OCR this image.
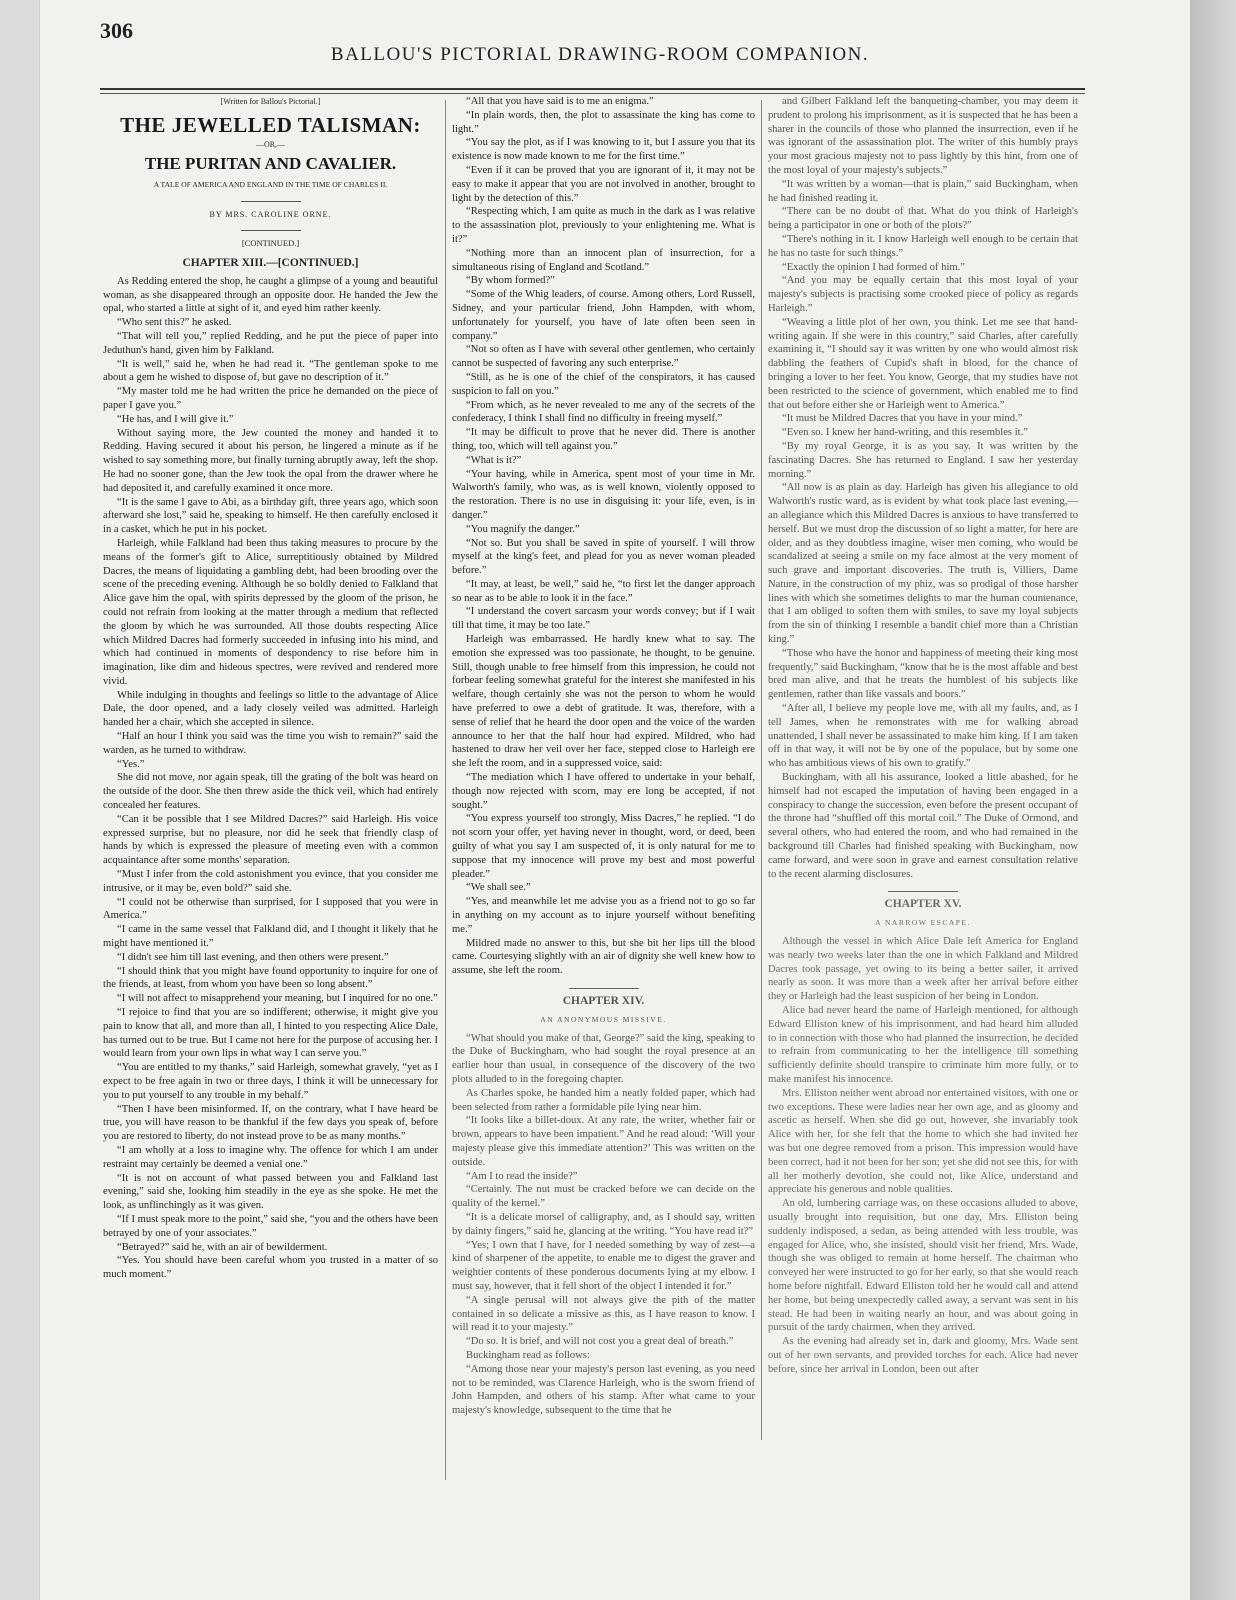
306
BALLOU'S PICTORIAL DRAWING-ROOM COMPANION.
[Written for Ballou's Pictorial.]
THE JEWELLED TALISMAN:
—OR,—
THE PURITAN AND CAVALIER.
A TALE OF AMERICA AND ENGLAND IN THE TIME OF CHARLES II.
BY MRS. CAROLINE ORNE.
[CONTINUED.]
CHAPTER XIII.—[CONTINUED.]

As Redding entered the shop, he caught a glimpse of a young and beautiful woman, as she disappeared through an opposite door. He handed the Jew the opal, who started a little at sight of it, and eyed him rather keenly.

“Who sent this?” he asked.

“That will tell you,” replied Redding, and he put the piece of paper into Jeduthun's hand, given him by Falkland.

“It is well,” said he, when he had read it. “The gentleman spoke to me about a gem he wished to dispose of, but gave no description of it.”

“My master told me he had written the price he demanded on the piece of paper I gave you.”

“He has, and I will give it.”

Without saying more, the Jew counted the money and handed it to Redding. Having secured it about his person, he lingered a minute as if he wished to say something more, but finally turning abruptly away, left the shop. He had no sooner gone, than the Jew took the opal from the drawer where he had deposited it, and carefully examined it once more.

“It is the same I gave to Abi, as a birthday gift, three years ago, which soon afterward she lost,” said he, speaking to himself. He then carefully enclosed it in a casket, which he put in his pocket.

Harleigh, while Falkland had been thus taking measures to procure by the means of the former's gift to Alice, surreptitiously obtained by Mildred Dacres, the means of liquidating a gambling debt, had been brooding over the scene of the preceding evening. Although he so boldly denied to Falkland that Alice gave him the opal, with spirits depressed by the gloom of the prison, he could not refrain from looking at the matter through a medium that reflected the gloom by which he was surrounded. All those doubts respecting Alice which Mildred Dacres had formerly succeeded in infusing into his mind, and which had continued in moments of despondency to rise before him in imagination, like dim and hideous spectres, were revived and rendered more vivid.

While indulging in thoughts and feelings so little to the advantage of Alice Dale, the door opened, and a lady closely veiled was admitted. Harleigh handed her a chair, which she accepted in silence.

“Half an hour I think you said was the time you wish to remain?” said the warden, as he turned to withdraw.

“Yes.”

She did not move, nor again speak, till the grating of the bolt was heard on the outside of the door. She then threw aside the thick veil, which had entirely concealed her features.

“Can it be possible that I see Mildred Dacres?” said Harleigh. His voice expressed surprise, but no pleasure, nor did he seek that friendly clasp of hands by which is expressed the pleasure of meeting even with a common acquaintance after some months' separation.

“Must I infer from the cold astonishment you evince, that you consider me intrusive, or it may be, even bold?” said she.

“I could not be otherwise than surprised, for I supposed that you were in America.”

“I came in the same vessel that Falkland did, and I thought it likely that he might have mentioned it.”

“I didn't see him till last evening, and then others were present.”

“I should think that you might have found opportunity to inquire for one of the friends, at least, from whom you have been so long absent.”

“I will not affect to misapprehend your meaning, but I inquired for no one.”

“I rejoice to find that you are so indifferent; otherwise, it might give you pain to know that all, and more than all, I hinted to you respecting Alice Dale, has turned out to be true. But I came not here for the purpose of accusing her. I would learn from your own lips in what way I can serve you.”

“You are entitled to my thanks,” said Harleigh, somewhat gravely, “yet as I expect to be free again in two or three days, I think it will be unnecessary for you to put yourself to any trouble in my behalf.”

“Then I have been misinformed. If, on the contrary, what I have heard be true, you will have reason to be thankful if the few days you speak of, before you are restored to liberty, do not instead prove to be as many months.”

“I am wholly at a loss to imagine why. The offence for which I am under restraint may certainly be deemed a venial one.”

“It is not on account of what passed between you and Falkland last evening,” said she, looking him steadily in the eye as she spoke. He met the look, as unflinchingly as it was given.

“If I must speak more to the point,” said she, “you and the others have been betrayed by one of your associates.”

“Betrayed?” said he, with an air of bewilderment.

“Yes. You should have been careful whom you trusted in a matter of so much moment.”

“All that you have said is to me an enigma.”

“In plain words, then, the plot to assassinate the king has come to light.”

“You say the plot, as if I was knowing to it, but I assure you that its existence is now made known to me for the first time.”

“Even if it can be proved that you are ignorant of it, it may not be easy to make it appear that you are not involved in another, brought to light by the detection of this.”

“Respecting which, I am quite as much in the dark as I was relative to the assassination plot, previously to your enlightening me. What is it?”

“Nothing more than an innocent plan of insurrection, for a simultaneous rising of England and Scotland.”

“By whom formed?”

“Some of the Whig leaders, of course. Among others, Lord Russell, Sidney, and your particular friend, John Hampden, with whom, unfortunately for yourself, you have of late often been seen in company.”

“Not so often as I have with several other gentlemen, who certainly cannot be suspected of favoring any such enterprise.”

“Still, as he is one of the chief of the conspirators, it has caused suspicion to fall on you.”

“From which, as he never revealed to me any of the secrets of the confederacy, I think I shall find no difficulty in freeing myself.”

“It may be difficult to prove that he never did. There is another thing, too, which will tell against you.”

“What is it?”

“Your having, while in America, spent most of your time in Mr. Walworth's family, who was, as is well known, violently opposed to the restoration. There is no use in disguising it: your life, even, is in danger.”

“You magnify the danger.”

“Not so. But you shall be saved in spite of yourself. I will throw myself at the king's feet, and plead for you as never woman pleaded before.”

“It may, at least, be well,” said he, “to first let the danger approach so near as to be able to look it in the face.”

“I understand the covert sarcasm your words convey; but if I wait till that time, it may be too late.”

Harleigh was embarrassed. He hardly knew what to say. The emotion she expressed was too passionate, he thought, to be genuine. Still, though unable to free himself from this impression, he could not forbear feeling somewhat grateful for the interest she manifested in his welfare, though certainly she was not the person to whom he would have preferred to owe a debt of gratitude. It was, therefore, with a sense of relief that he heard the door open and the voice of the warden announce to her that the half hour had expired. Mildred, who had hastened to draw her veil over her face, stepped close to Harleigh ere she left the room, and in a suppressed voice, said:

“The mediation which I have offered to undertake in your behalf, though now rejected with scorn, may ere long be accepted, if not sought.”

“You express yourself too strongly, Miss Dacres,” he replied. “I do not scorn your offer, yet having never in thought, word, or deed, been guilty of what you say I am suspected of, it is only natural for me to suppose that my innocence will prove my best and most powerful pleader.”

“We shall see.”

“Yes, and meanwhile let me advise you as a friend not to go so far in anything on my account as to injure yourself without benefiting me.”

Mildred made no answer to this, but she bit her lips till the blood came. Courtesying slightly with an air of dignity she well knew how to assume, she left the room.

CHAPTER XIV.
AN ANONYMOUS MISSIVE.

“What should you make of that, George?” said the king, speaking to the Duke of Buckingham, who had sought the royal presence at an earlier hour than usual, in consequence of the discovery of the two plots alluded to in the foregoing chapter.

As Charles spoke, he handed him a neatly folded paper, which had been selected from rather a formidable pile lying near him.

“It looks like a billet-doux. At any rate, the writer, whether fair or brown, appears to have been impatient.” And he read aloud: ‘Will your majesty please give this immediate attention?’ This was written on the outside.

“Am I to read the inside?”

“Certainly. The nut must be cracked before we can decide on the quality of the kernel.”

“It is a delicate morsel of calligraphy, and, as I should say, written by dainty fingers,” said he, glancing at the writing. “You have read it?”

“Yes; I own that I have, for I needed something by way of zest—a kind of sharpener of the appetite, to enable me to digest the graver and weightier contents of these ponderous documents lying at my elbow. I must say, however, that it fell short of the object I intended it for.”

“A single perusal will not always give the pith of the matter contained in so delicate a missive as this, as I have reason to know. I will read it to your majesty.”

“Do so. It is brief, and will not cost you a great deal of breath.”

Buckingham read as follows:

“Among those near your majesty's person last evening, as you need not to be reminded, was Clarence Harleigh, who is the sworn friend of John Hampden, and others of his stamp. After what came to your majesty's knowledge, subsequent to the time that he

and Gilbert Falkland left the banqueting-chamber, you may deem it prudent to prolong his imprisonment, as it is suspected that he has been a sharer in the councils of those who planned the insurrection, even if he was ignorant of the assassination plot. The writer of this humbly prays your most gracious majesty not to pass lightly by this hint, from one of the most loyal of your majesty's subjects.”

“It was written by a woman—that is plain,” said Buckingham, when he had finished reading it.

“There can be no doubt of that. What do you think of Harleigh's being a participator in one or both of the plots?”

“There's nothing in it. I know Harleigh well enough to be certain that he has no taste for such things.”

“Exactly the opinion I had formed of him.”

“And you may be equally certain that this most loyal of your majesty's subjects is practising some crooked piece of policy as regards Harleigh.”

“Weaving a little plot of her own, you think. Let me see that hand-writing again. If she were in this country,” said Charles, after carefully examining it, “I should say it was written by one who would almost risk dabbling the feathers of Cupid's shaft in blood, for the chance of bringing a lover to her feet. You know, George, that my studies have not been restricted to the science of government, which enabled me to find that out before either she or Harleigh went to America.”

“It must be Mildred Dacres that you have in your mind.”

“Even so. I knew her hand-writing, and this resembles it.”

“By my royal George, it is as you say. It was written by the fascinating Dacres. She has returned to England. I saw her yesterday morning.”

“All now is as plain as day. Harleigh has given his allegiance to old Walworth's rustic ward, as is evident by what took place last evening,—an allegiance which this Mildred Dacres is anxious to have transferred to herself. But we must drop the discussion of so light a matter, for here are older, and as they doubtless imagine, wiser men coming, who would be scandalized at seeing a smile on my face almost at the very moment of such grave and important discoveries. The truth is, Villiers, Dame Nature, in the construction of my phiz, was so prodigal of those harsher lines with which she sometimes delights to mar the human countenance, that I am obliged to soften them with smiles, to save my loyal subjects from the sin of thinking I resemble a bandit chief more than a Christian king.”

“Those who have the honor and happiness of meeting their king most frequently,” said Buckingham, “know that he is the most affable and best bred man alive, and that he treats the humblest of his subjects like gentlemen, rather than like vassals and boors.”

“After all, I believe my people love me, with all my faults, and, as I tell James, when he remonstrates with me for walking abroad unattended, I shall never be assassinated to make him king. If I am taken off in that way, it will not be by one of the populace, but by some one who has ambitious views of his own to gratify.”

Buckingham, with all his assurance, looked a little abashed, for he himself had not escaped the imputation of having been engaged in a conspiracy to change the succession, even before the present occupant of the throne had “shuffled off this mortal coil.” The Duke of Ormond, and several others, who had entered the room, and who had remained in the background till Charles had finished speaking with Buckingham, now came forward, and were soon in grave and earnest consultation relative to the recent alarming disclosures.

CHAPTER XV.
A NARROW ESCAPE.

Although the vessel in which Alice Dale left America for England was nearly two weeks later than the one in which Falkland and Mildred Dacres took passage, yet owing to its being a better sailer, it arrived nearly as soon. It was more than a week after her arrival before either they or Harleigh had the least suspicion of her being in London.

Alice had never heard the name of Harleigh mentioned, for although Edward Elliston knew of his imprisonment, and had heard him alluded to in connection with those who had planned the insurrection, he decided to refrain from communicating to her the intelligence till something sufficiently definite should transpire to criminate him more fully, or to make manifest his innocence.

Mrs. Elliston neither went abroad nor entertained visitors, with one or two exceptions. These were ladies near her own age, and as gloomy and ascetic as herself. When she did go out, however, she invariably took Alice with her, for she felt that the home to which she had invited her was but one degree removed from a prison. This impression would have been correct, had it not been for her son; yet she did not see this, for with all her motherly devotion, she could not, like Alice, understand and appreciate his generous and noble qualities.

An old, lumbering carriage was, on these occasions alluded to above, usually brought into requisition, but one day, Mrs. Elliston being suddenly indisposed, a sedan, as being attended with less trouble, was engaged for Alice, who, she insisted, should visit her friend, Mrs. Wade, though she was obliged to remain at home herself. The chairman who conveyed her were instructed to go for her early, so that she would reach home before nightfall. Edward Elliston told her he would call and attend her home, but being unexpectedly called away, a servant was sent in his stead. He had been in waiting nearly an hour, and was about going in pursuit of the tardy chairmen, when they arrived.

As the evening had already set in, dark and gloomy, Mrs. Wade sent out of her own servants, and provided torches for each. Alice had never before, since her arrival in London, been out after
